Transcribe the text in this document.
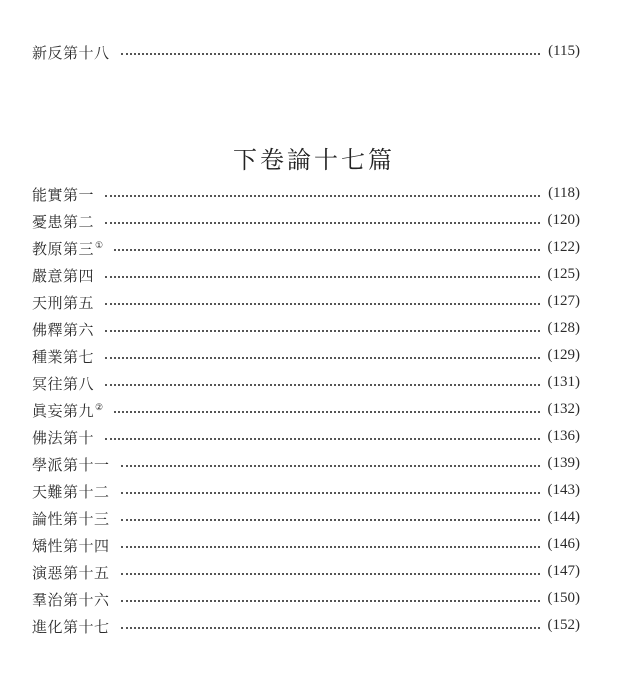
新反第十八	(115)
下卷論十七篇
能實第一	(118)
憂患第二	(120)
教原第三①	(122)
嚴意第四	(125)
天刑第五	(127)
佛釋第六	(128)
種業第七	(129)
冥往第八	(131)
眞妄第九②	(132)
佛法第十	(136)
學派第十一	(139)
天難第十二	(143)
論性第十三	(144)
矯性第十四	(146)
演惡第十五	(147)
羣治第十六	(150)
進化第十七	(152)
